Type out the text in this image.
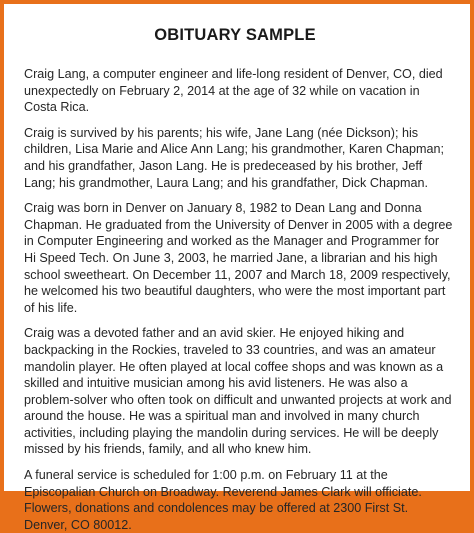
OBITUARY SAMPLE

Craig Lang, a computer engineer and life-long resident of Denver, CO, died unexpectedly on February 2, 2014 at the age of 32 while on vacation in Costa Rica.

Craig is survived by his parents; his wife, Jane Lang (née Dickson); his children, Lisa Marie and Alice Ann Lang; his grandmother, Karen Chapman; and his grandfather, Jason Lang. He is predeceased by his brother, Jeff Lang; his grandmother, Laura Lang; and his grandfather, Dick Chapman.

Craig was born in Denver on January 8, 1982 to Dean Lang and Donna Chapman. He graduated from the University of Denver in 2005 with a degree in Computer Engineering and worked as the Manager and Programmer for Hi Speed Tech. On June 3, 2003, he married Jane, a librarian and his high school sweetheart. On December 11, 2007 and March 18, 2009 respectively, he welcomed his two beautiful daughters, who were the most important part of his life.

Craig was a devoted father and an avid skier. He enjoyed hiking and backpacking in the Rockies, traveled to 33 countries, and was an amateur mandolin player. He often played at local coffee shops and was known as a skilled and intuitive musician among his avid listeners. He was also a problem-solver who often took on difficult and unwanted projects at work and around the house. He was a spiritual man and involved in many church activities, including playing the mandolin during services. He will be deeply missed by his friends, family, and all who knew him.

A funeral service is scheduled for 1:00 p.m. on February 11 at the Episcopalian Church on Broadway. Reverend James Clark will officiate. Flowers, donations and condolences may be offered at 2300 First St. Denver, CO 80012.
